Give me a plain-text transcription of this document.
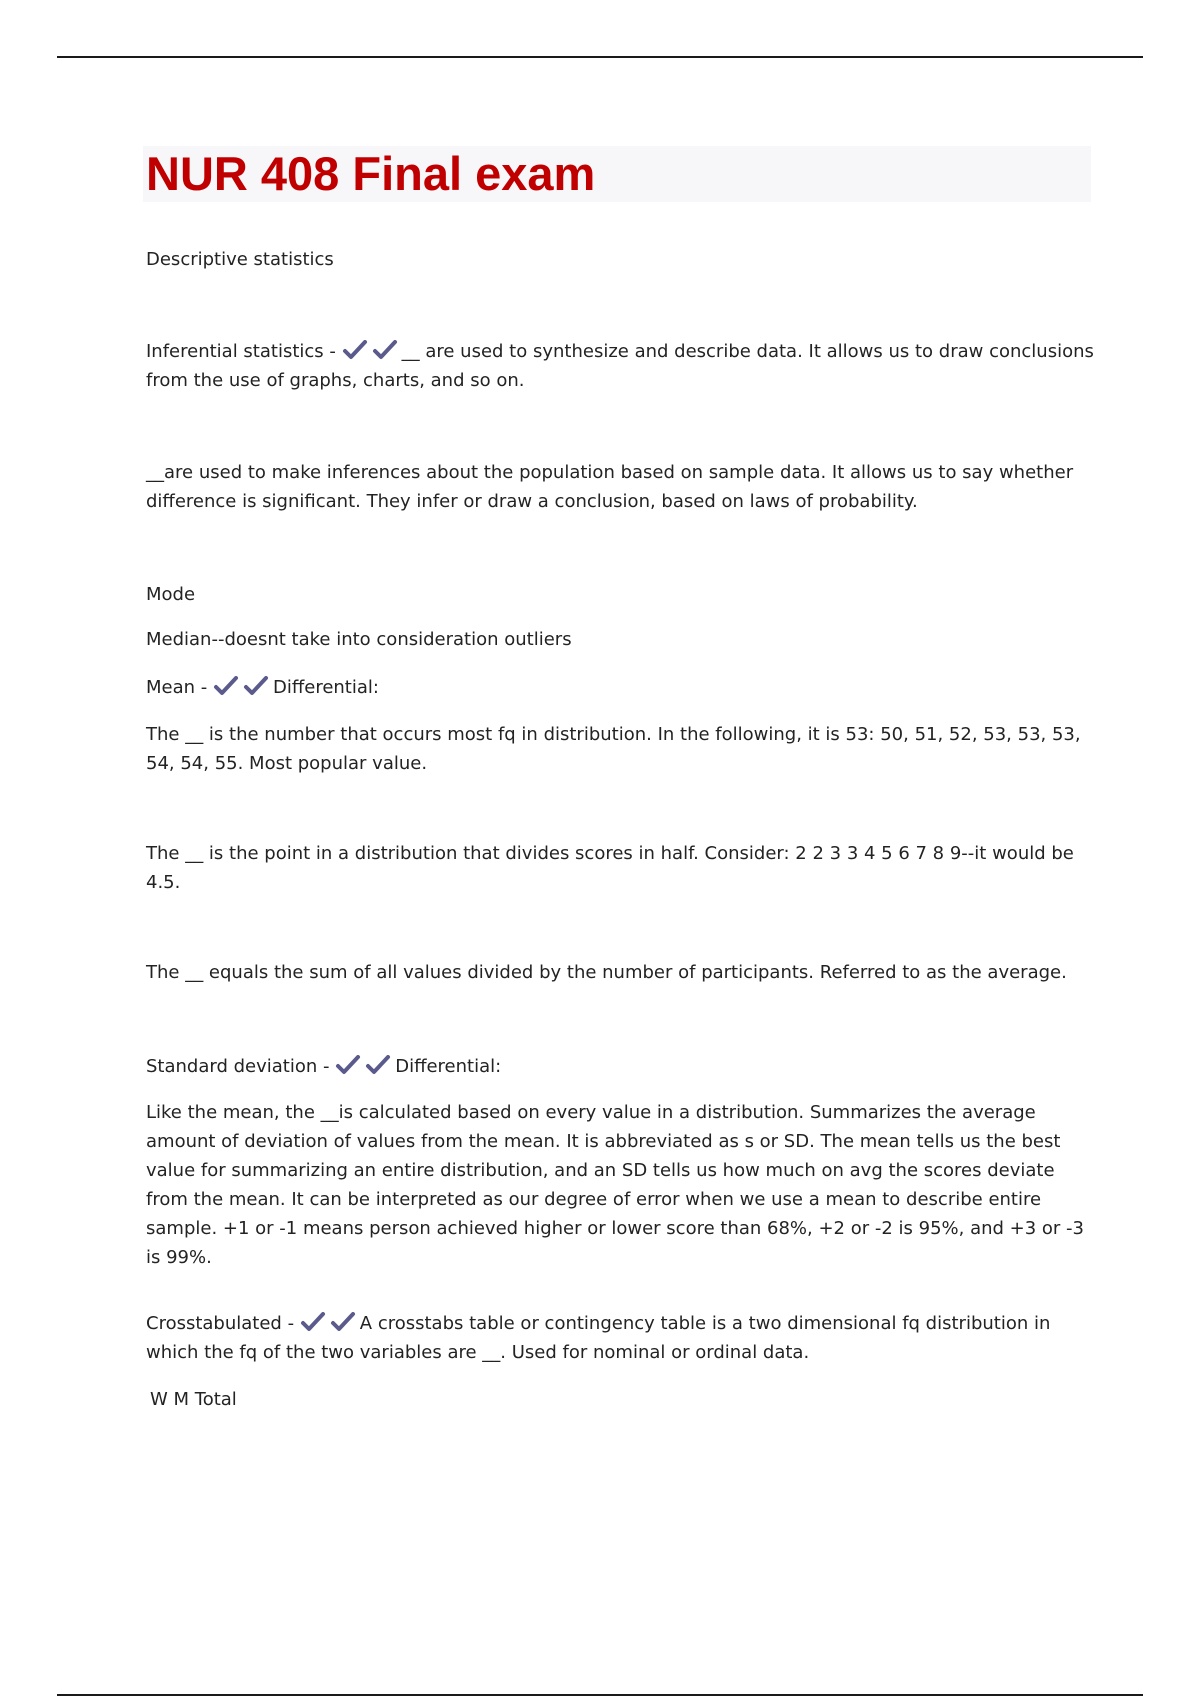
NUR 408 Final exam

Descriptive statistics

Inferential statistics -	__ are used to synthesize and describe data. It allows us to draw conclusions
from the use of graphs, charts, and so on.

__are used to make inferences about the population based on sample data. It allows us to say whether difference is significant. They infer or draw a conclusion, based on laws of probability.

Mode

Median--doesnt take into consideration outliers

Mean -	Differential:

The __ is the number that occurs most fq in distribution. In the following, it is 53: 50, 51, 52, 53, 53, 53, 54, 54, 55. Most popular value.

The __ is the point in a distribution that divides scores in half. Consider: 2 2 3 3 4 5 6 7 8 9--it would be 4.5.

The __ equals the sum of all values divided by the number of participants. Referred to as the average.

Standard deviation -	Differential:

Like the mean, the __is calculated based on every value in a distribution. Summarizes the average amount of deviation of values from the mean. It is abbreviated as s or SD. The mean tells us the best value for summarizing an entire distribution, and an SD tells us how much on avg the scores deviate from the mean. It can be interpreted as our degree of error when we use a mean to describe entire sample. +1 or -1 means person achieved higher or lower score than 68%, +2 or -2 is 95%, and +3 or -3 is 99%.

Crosstabulated -	A crosstabs table or contingency table is a two dimensional fq distribution in which the fq of the two variables are __. Used for nominal or ordinal data.

W M Total
